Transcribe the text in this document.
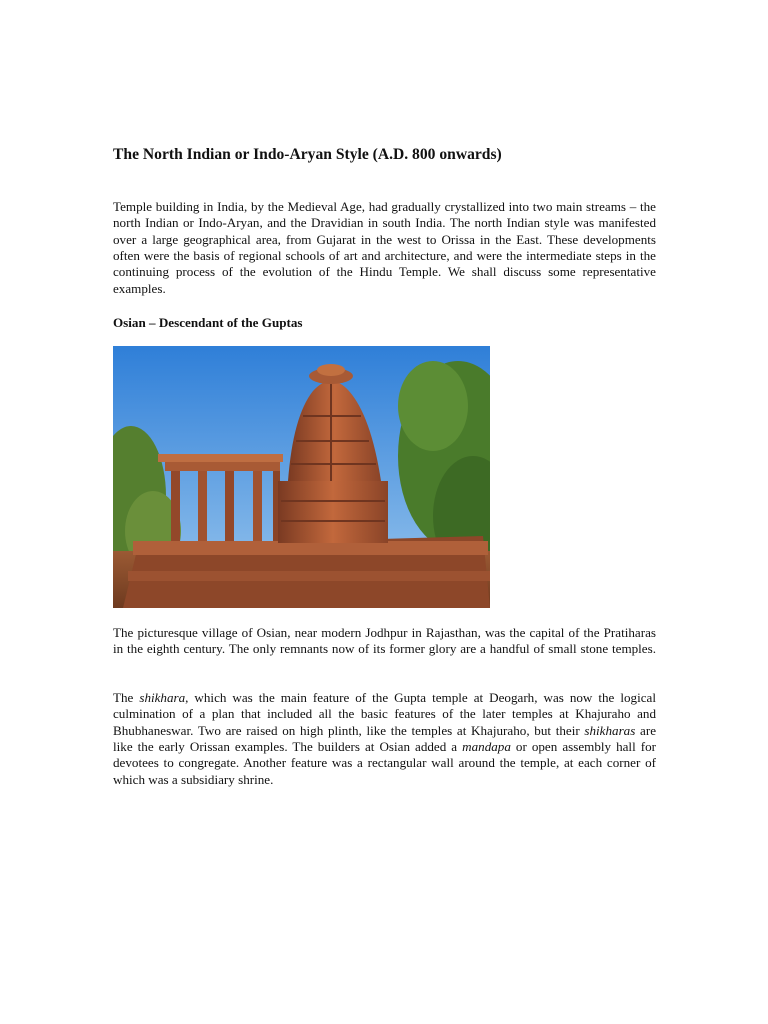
The North Indian or Indo-Aryan Style (A.D. 800 onwards)

Temple building in India, by the Medieval Age, had gradually crystallized into two main streams – the north Indian or Indo-Aryan, and the Dravidian in south India. The north Indian style was manifested over a large geographical area, from Gujarat in the west to Orissa in the East. These developments often were the basis of regional schools of art and architecture, and were the intermediate steps in the continuing process of the evolution of the Hindu Temple. We shall discuss some representative examples.

Osian – Descendant of the Guptas

The picturesque village of Osian, near modern Jodhpur in Rajasthan, was the capital of the Pratiharas in the eighth century. The only remnants now of its former glory are a handful of small stone temples.

The shikhara, which was the main feature of the Gupta temple at Deogarh, was now the logical culmination of a plan that included all the basic features of the later temples at Khajuraho and Bhubhaneswar. Two are raised on high plinth, like the temples at Khajuraho, but their shikharas are like the early Orissan examples. The builders at Osian added a mandapa or open assembly hall for devotees to congregate. Another feature was a rectangular wall around the temple, at each corner of which was a subsidiary shrine.
